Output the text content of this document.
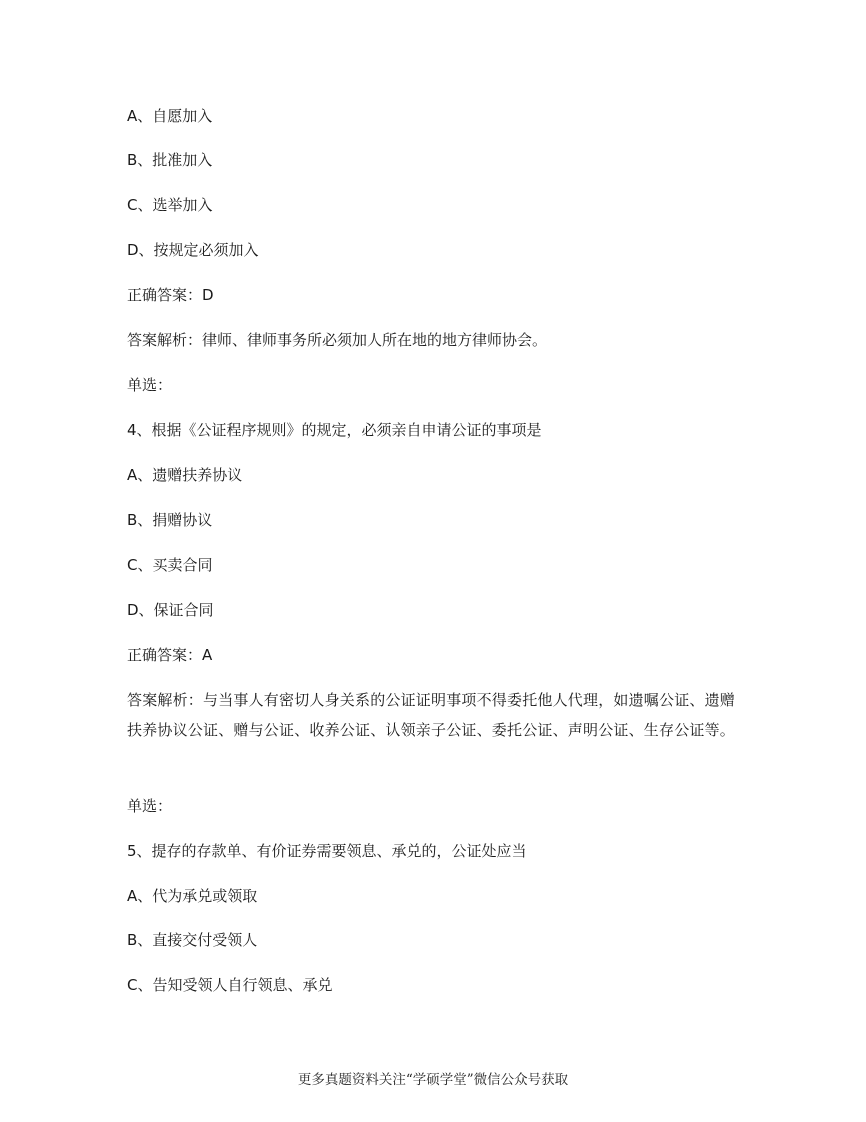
A、自愿加入
B、批准加入
C、选举加入
D、按规定必须加入
正确答案：D
答案解析：律师、律师事务所必须加人所在地的地方律师协会。
单选：
4、根据《公证程序规则》的规定，必须亲自申请公证的事项是
A、遗赠扶养协议
B、捐赠协议
C、买卖合同
D、保证合同
正确答案：A
答案解析：与当事人有密切人身关系的公证证明事项不得委托他人代理，如遗嘱公证、遗赠扶养协议公证、赠与公证、收养公证、认领亲子公证、委托公证、声明公证、生存公证等。
单选：
5、提存的存款单、有价证券需要领息、承兑的，公证处应当
A、代为承兑或领取
B、直接交付受领人
C、告知受领人自行领息、承兑
更多真题资料关注“学硕学堂”微信公众号获取
